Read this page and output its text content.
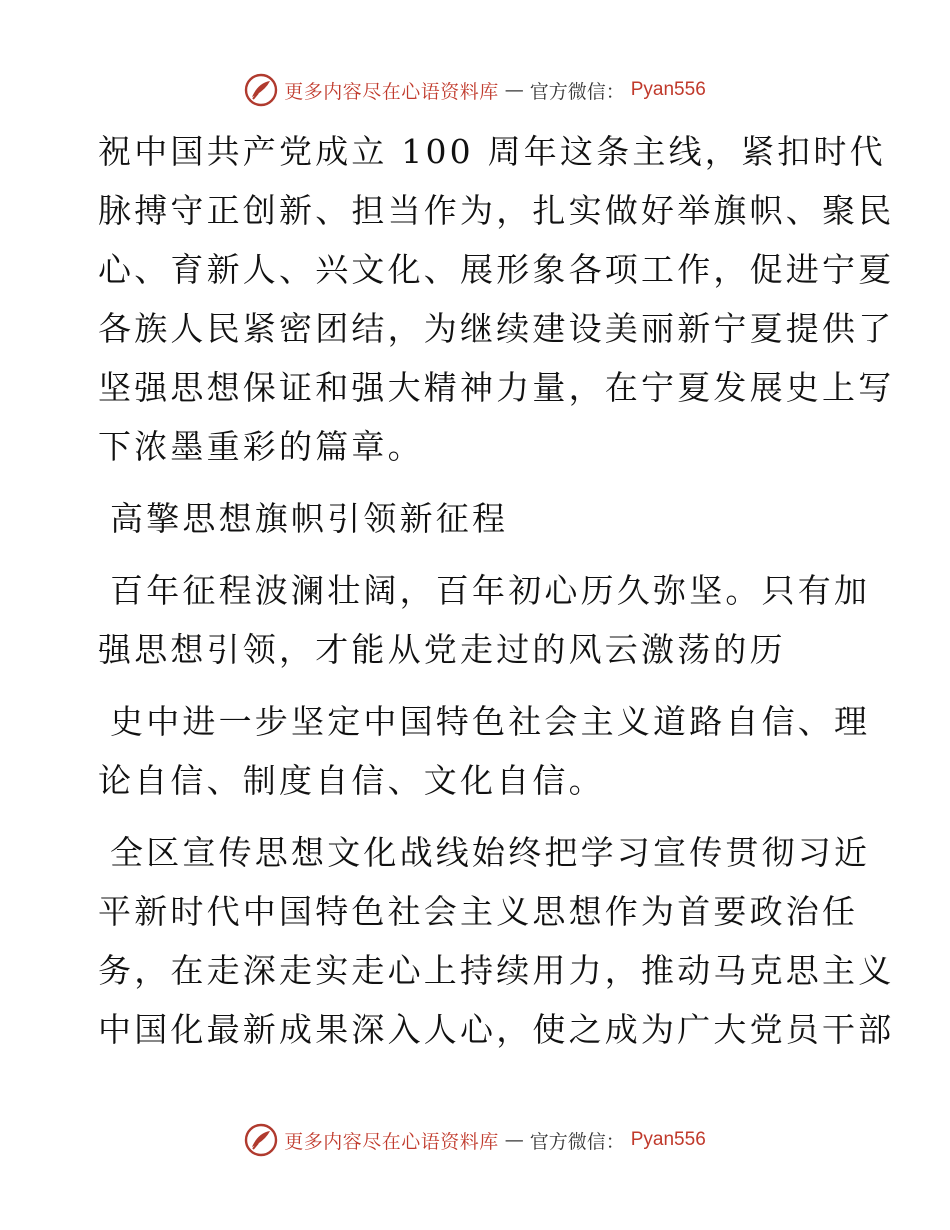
更多内容尽在心语资料库 — 官方微信： Pyan556

祝中国共产党成立 100 周年这条主线，紧扣时代
脉搏守正创新、担当作为，扎实做好举旗帜、聚民
心、育新人、兴文化、展形象各项工作，促进宁夏
各族人民紧密团结，为继续建设美丽新宁夏提供了
坚强思想保证和强大精神力量，在宁夏发展史上写
下浓墨重彩的篇章。

高擎思想旗帜引领新征程

百年征程波澜壮阔，百年初心历久弥坚。只有加
强思想引领，才能从党走过的风云激荡的历

史中进一步坚定中国特色社会主义道路自信、理
论自信、制度自信、文化自信。

全区宣传思想文化战线始终把学习宣传贯彻习近
平新时代中国特色社会主义思想作为首要政治任
务，在走深走实走心上持续用力，推动马克思主义
中国化最新成果深入人心，使之成为广大党员干部

更多内容尽在心语资料库 — 官方微信： Pyan556
